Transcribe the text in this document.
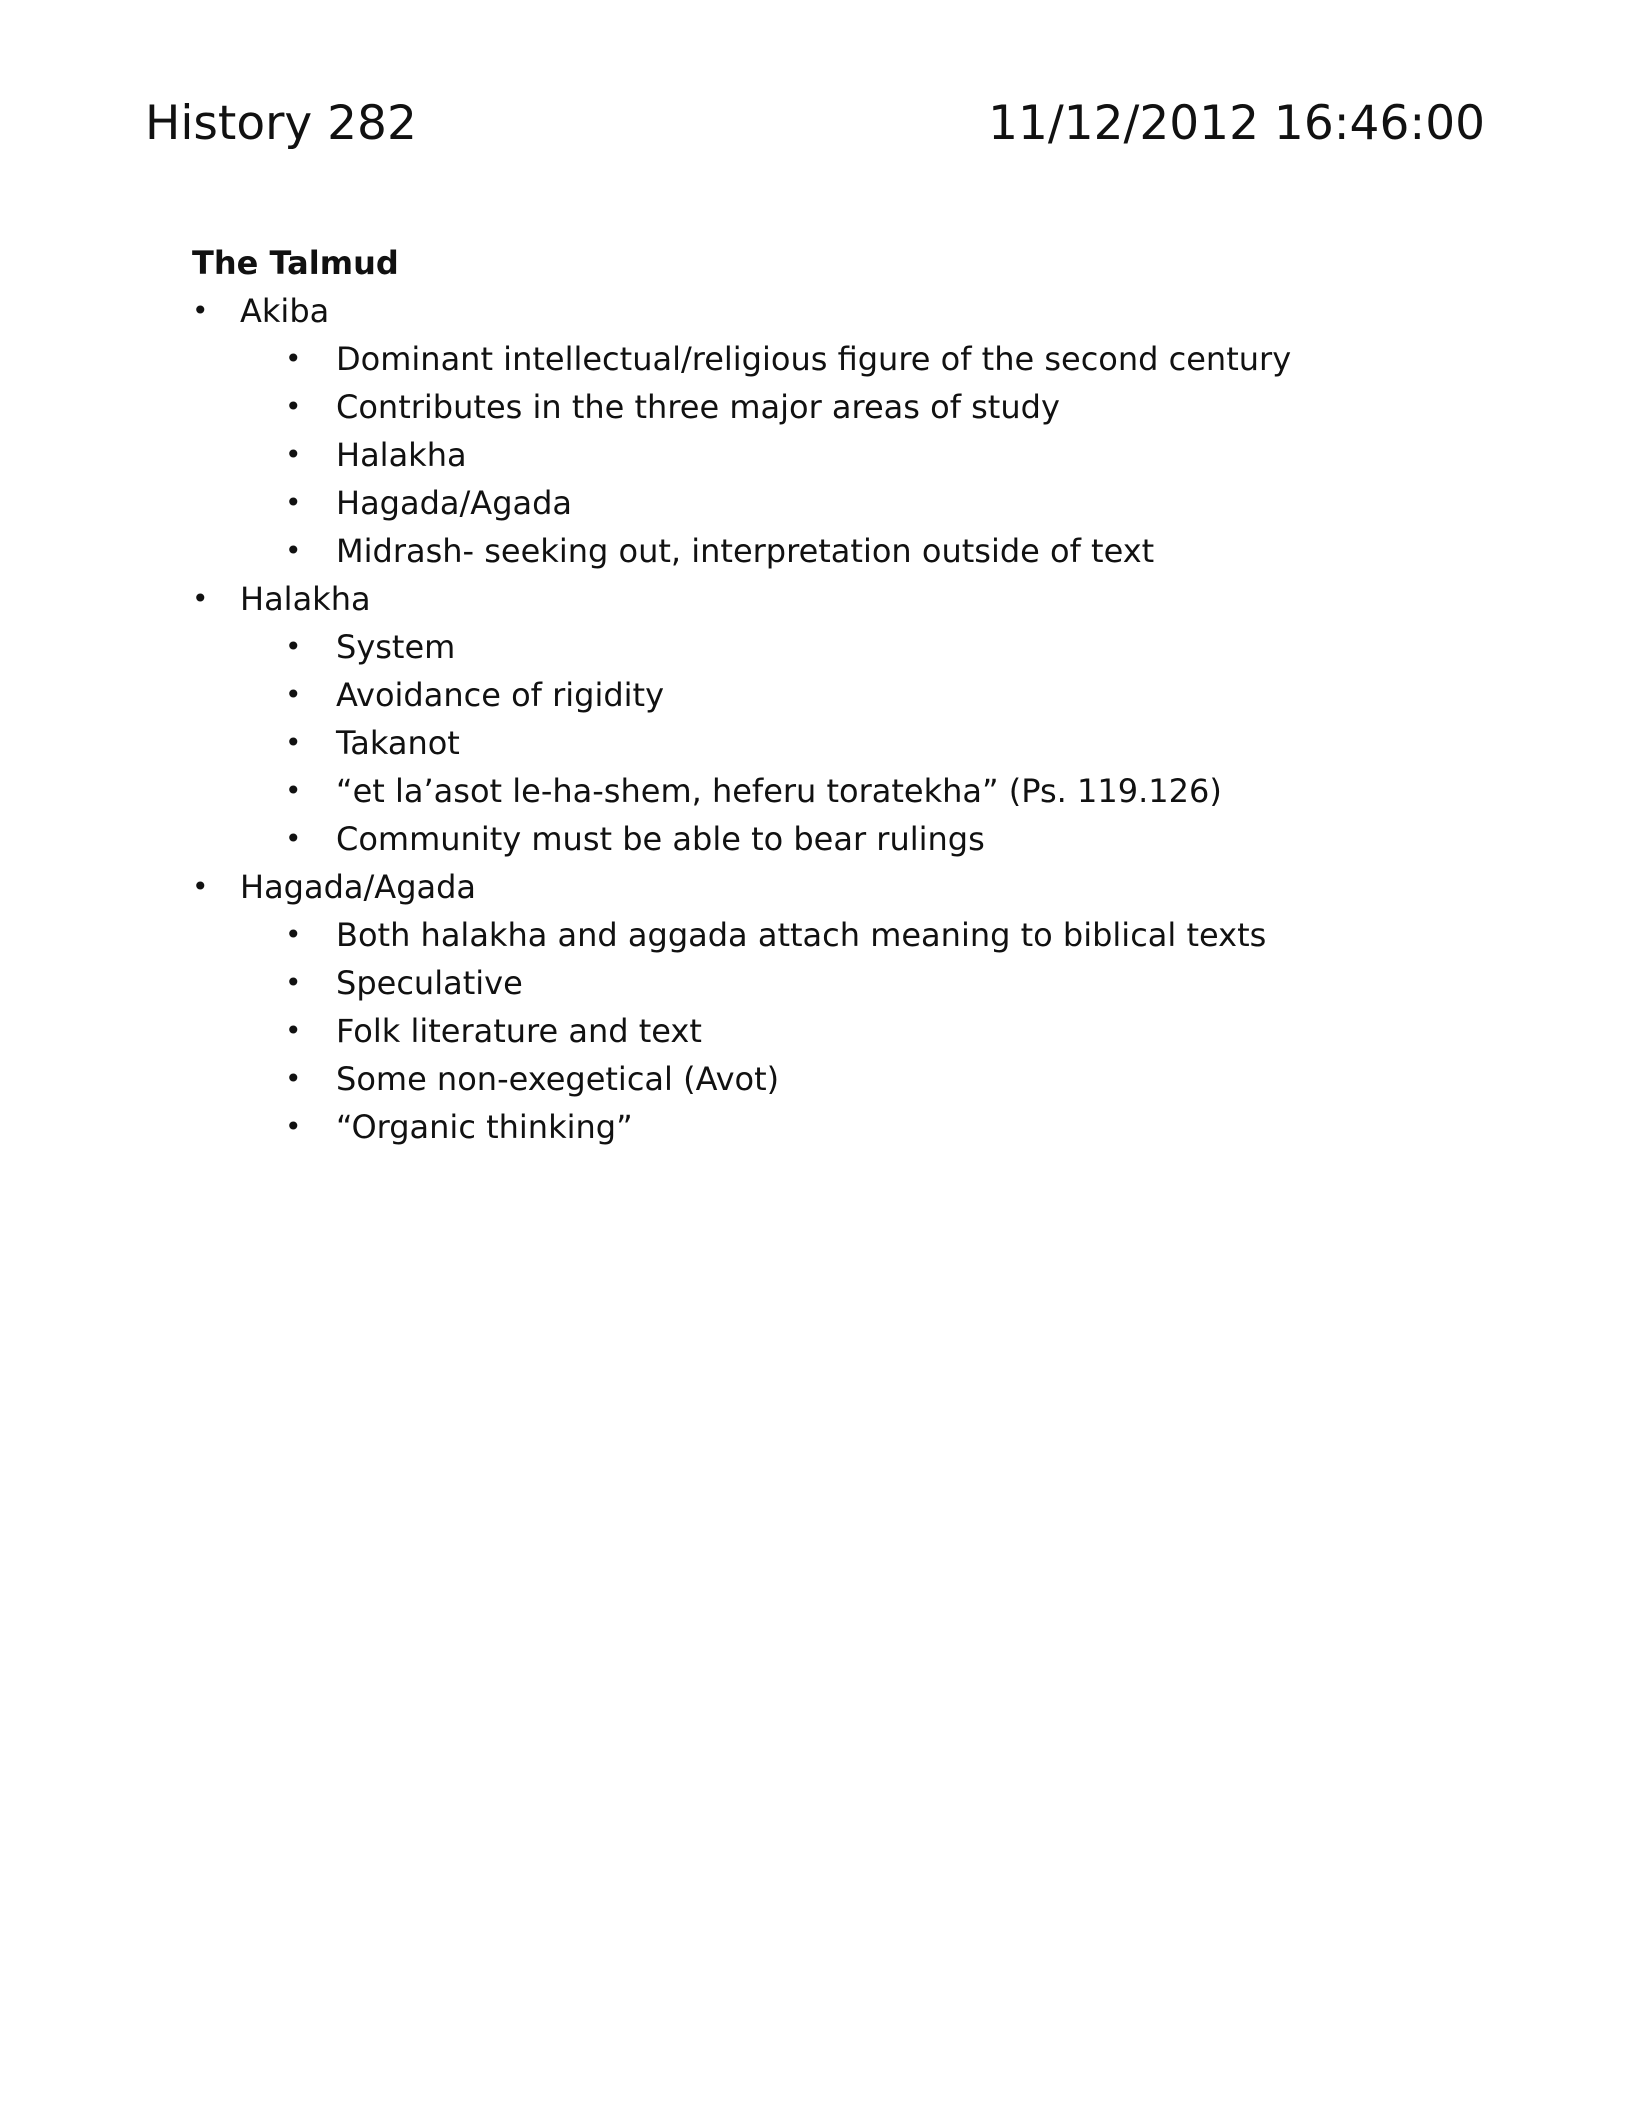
History 282	11/12/2012 16:46:00
The Talmud
• Akiba
• Dominant intellectual/religious figure of the second century
• Contributes in the three major areas of study
• Halakha
• Hagada/Agada
• Midrash- seeking out, interpretation outside of text
• Halakha
• System
• Avoidance of rigidity
• Takanot
• “et la’asot le-ha-shem, heferu toratekha” (Ps. 119.126)
• Community must be able to bear rulings
• Hagada/Agada
• Both halakha and aggada attach meaning to biblical texts
• Speculative
• Folk literature and text
• Some non-exegetical (Avot)
• “Organic thinking”
